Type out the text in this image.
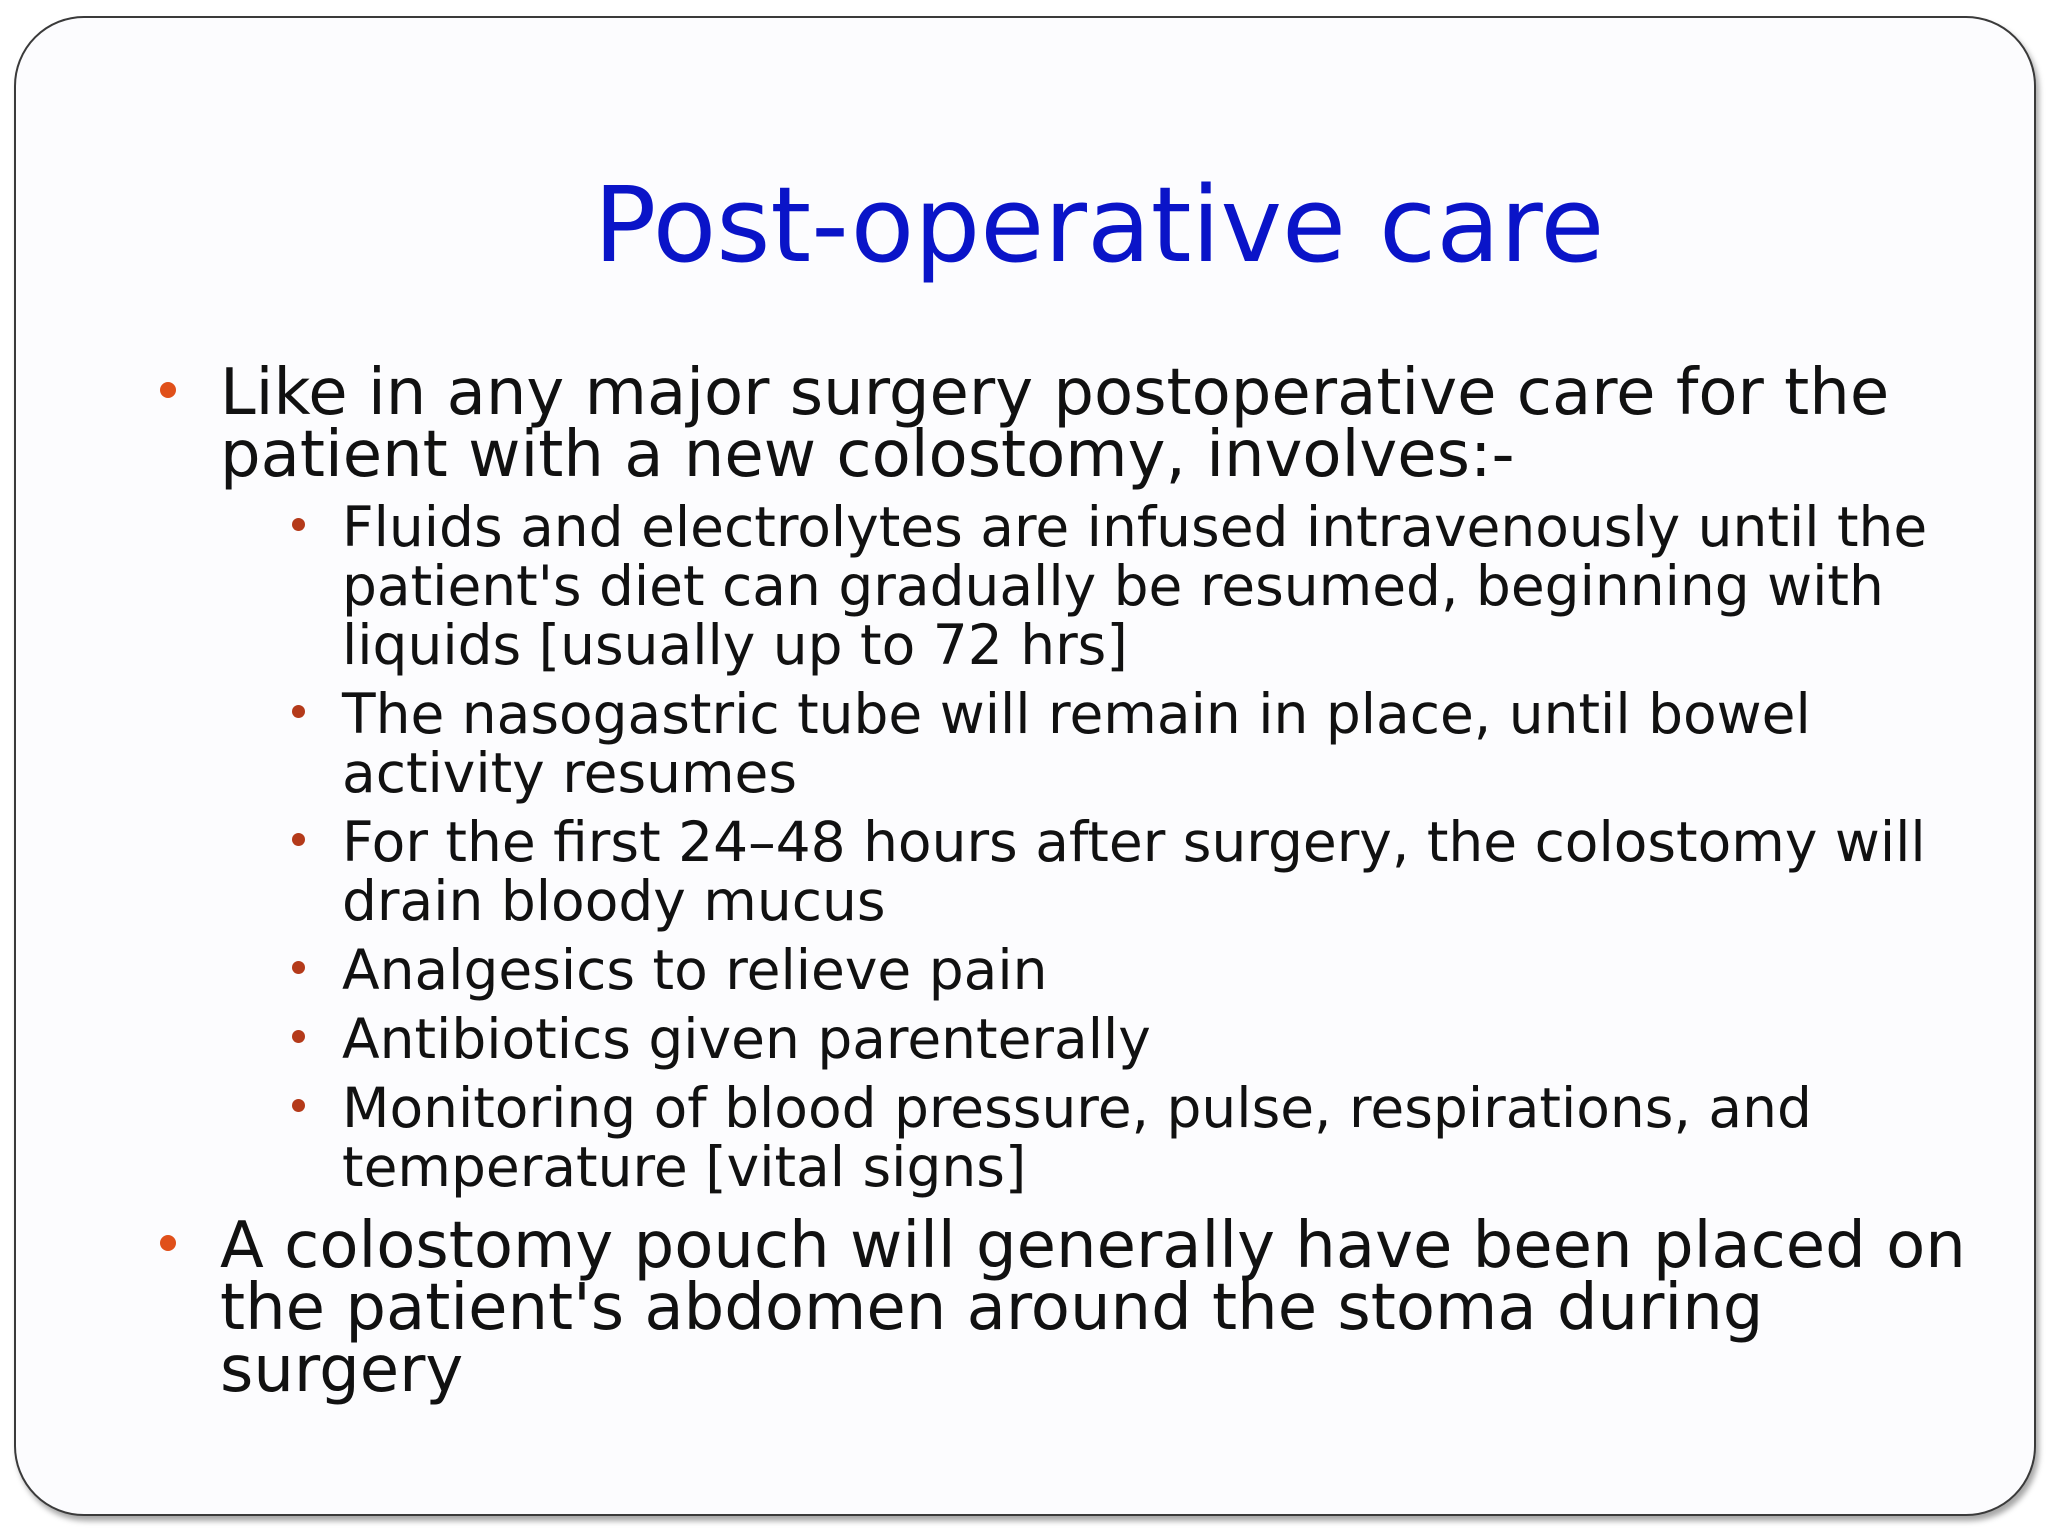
Post-operative care
Like in any major surgery postoperative care for the patient with a new colostomy, involves:-
Fluids and electrolytes are infused intravenously until the patient's diet can gradually be resumed, beginning with liquids [usually up to 72 hrs]
The nasogastric tube will remain in place, until bowel activity resumes
For the first 24–48 hours after surgery, the colostomy will drain bloody mucus
Analgesics to relieve pain
Antibiotics given parenterally
Monitoring of blood pressure, pulse, respirations, and temperature [vital signs]
A colostomy pouch will generally have been placed on the patient's abdomen around the stoma during surgery
